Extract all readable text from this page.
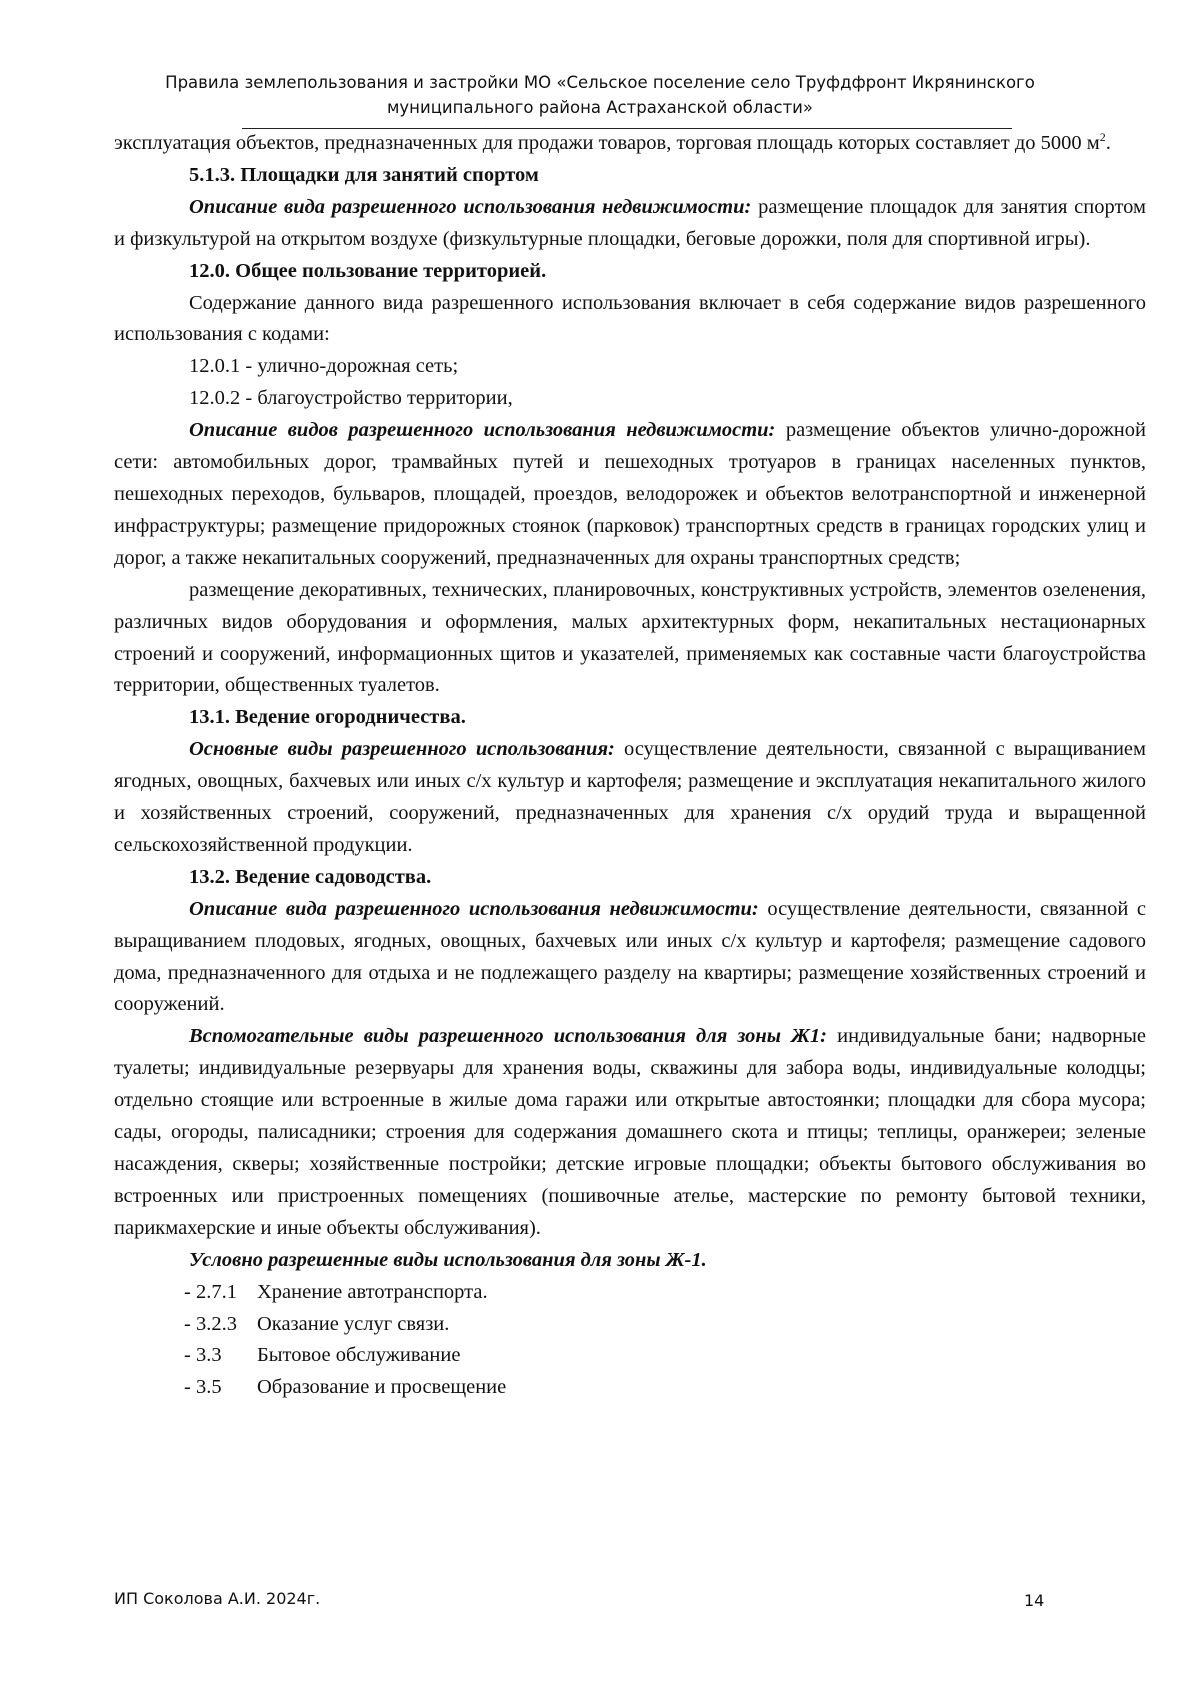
Правила землепользования и застройки МО «Сельское поселение село Труфдфронт Икрянинского
муниципального района Астраханской области»

эксплуатация объектов, предназначенных для продажи товаров, торговая площадь которых составляет до 5000 $м^2$.

5.1.3. Площадки для занятий спортом

Описание вида разрешенного использования недвижимости: размещение площадок для занятия спортом и физкультурой на открытом воздухе (физкультурные площадки, беговые дорожки, поля для спортивной игры).

12.0. Общее пользование территорией.

Содержание данного вида разрешенного использования включает в себя содержание видов разрешенного использования с кодами:

12.0.1 - улично-дорожная сеть;

12.0.2 - благоустройство территории,

Описание видов разрешенного использования недвижимости: размещение объектов улично-дорожной сети: автомобильных дорог, трамвайных путей и пешеходных тротуаров в границах населенных пунктов, пешеходных переходов, бульваров, площадей, проездов, велодорожек и объектов велотранспортной и инженерной инфраструктуры; размещение придорожных стоянок (парковок) транспортных средств в границах городских улиц и дорог, а также некапитальных сооружений, предназначенных для охраны транспортных средств;

размещение декоративных, технических, планировочных, конструктивных устройств, элементов озеленения, различных видов оборудования и оформления, малых архитектурных форм, некапитальных нестационарных строений и сооружений, информационных щитов и указателей, применяемых как составные части благоустройства территории, общественных туалетов.

13.1. Ведение огородничества.

Основные виды разрешенного использования: осуществление деятельности, связанной с выращиванием ягодных, овощных, бахчевых или иных с/х культур и картофеля; размещение и эксплуатация некапитального жилого и хозяйственных строений, сооружений, предназначенных для хранения с/х орудий труда и выращенной сельскохозяйственной продукции.

13.2. Ведение садоводства.

Описание вида разрешенного использования недвижимости: осуществление деятельности, связанной с выращиванием плодовых, ягодных, овощных, бахчевых или иных с/х культур и картофеля; размещение садового дома, предназначенного для отдыха и не подлежащего разделу на квартиры; размещение хозяйственных строений и сооружений.

Вспомогательные виды разрешенного использования для зоны Ж1: индивидуальные бани; надворные туалеты; индивидуальные резервуары для хранения воды, скважины для забора воды, индивидуальные колодцы; отдельно стоящие или встроенные в жилые дома гаражи или открытые автостоянки; площадки для сбора мусора; сады, огороды, палисадники; строения для содержания домашнего скота и птицы; теплицы, оранжереи; зеленые насаждения, скверы; хозяйственные постройки; детские игровые площадки; объекты бытового обслуживания во встроенных или пристроенных помещениях (пошивочные ателье, мастерские по ремонту бытовой техники, парикмахерские и иные объекты обслуживания).

Условно разрешенные виды использования для зоны Ж-1.

- 2.7.1 Хранение автотранспорта.

- 3.2.3 Оказание услуг связи.

- 3.3 Бытовое обслуживание

- 3.5 Образование и просвещение

ИП Соколова А.И. 2024г.	14
